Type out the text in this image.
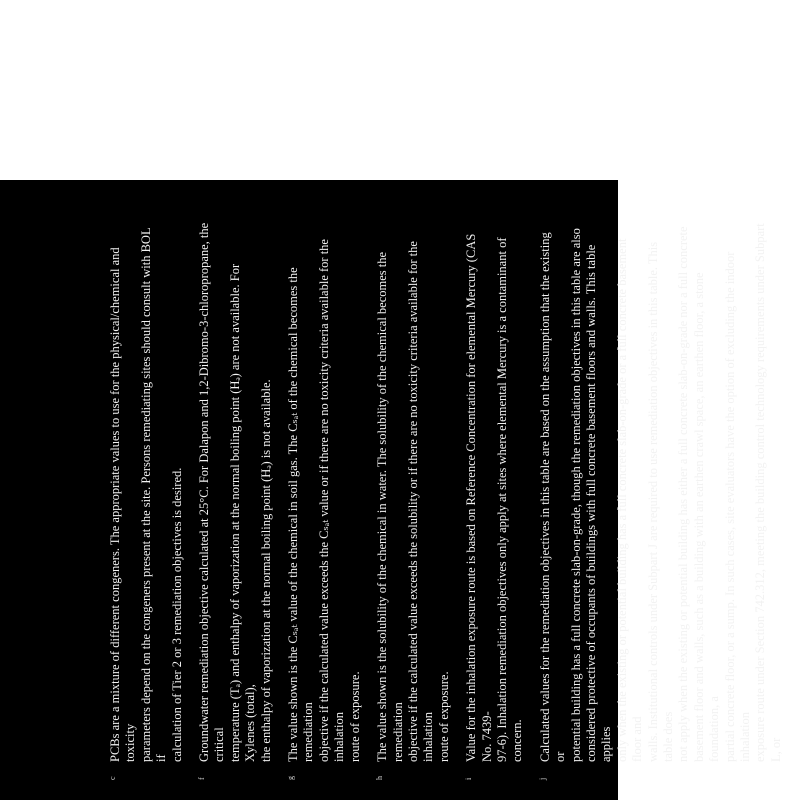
c

PCBs are a mixture of different congeners. The appropriate values to use for the physical/chemical and toxicity parameters depend on the congeners present at the site. Persons remediating sites should consult with BOL if calculation of Tier 2 or 3 remediation objectives is desired.

f

Groundwater remediation objective calculated at 25°C. For Dalapon and 1,2-Dibromo-3-chloropropane, the critical temperature (Tₐ) and enthalpy of vaporization at the normal boiling point (Hₔ) are not available. For Xylenes (total), the enthalpy of vaporization at the normal boiling point (Hₔ) is not available.

g

The value shown is the Cₛₐₜ value of the chemical in soil gas. The Cₛₐₜ of the chemical becomes the remediation objective if the calculated value exceeds the Cₛₐₜ value or if there are no toxicity criteria available for the inhalation route of exposure.

h

The value shown is the solubility of the chemical in water. The solubility of the chemical becomes the remediation objective if the calculated value exceeds the solubility or if there are no toxicity criteria available for the inhalation route of exposure.

i

Value for the inhalation exposure route is based on Reference Concentration for elemental Mercury (CAS No. 7439- 97-6). Inhalation remediation objectives only apply at sites where elemental Mercury is a contaminant of concern.

j

Calculated values for the remediation objectives in this table are based on the assumption that the existing or potential building has a full concrete slab-on-grade, though the remediation objectives in this table are also considered protective of occupants of buildings with full concrete basement floors and walls. This table applies only when the existing or potential building has a full concrete slab-on-grade or a full concrete basement floor and walls. Institutional controls under Subpart J are required to use remediation objectives in this table. This table does not apply when the existing or potential building has either a full concrete slab-on-grade nor a full concrete basement floor and walls, such as a building with an earthen crawl space, an earthen floor, a stone foundation, a partial concrete floor, or a sump. In such cases, site evaluators have the option of excluding the indoor inhalation exposure route under Section 742.312, meeting the building control technology requirements under Subpart L, or
